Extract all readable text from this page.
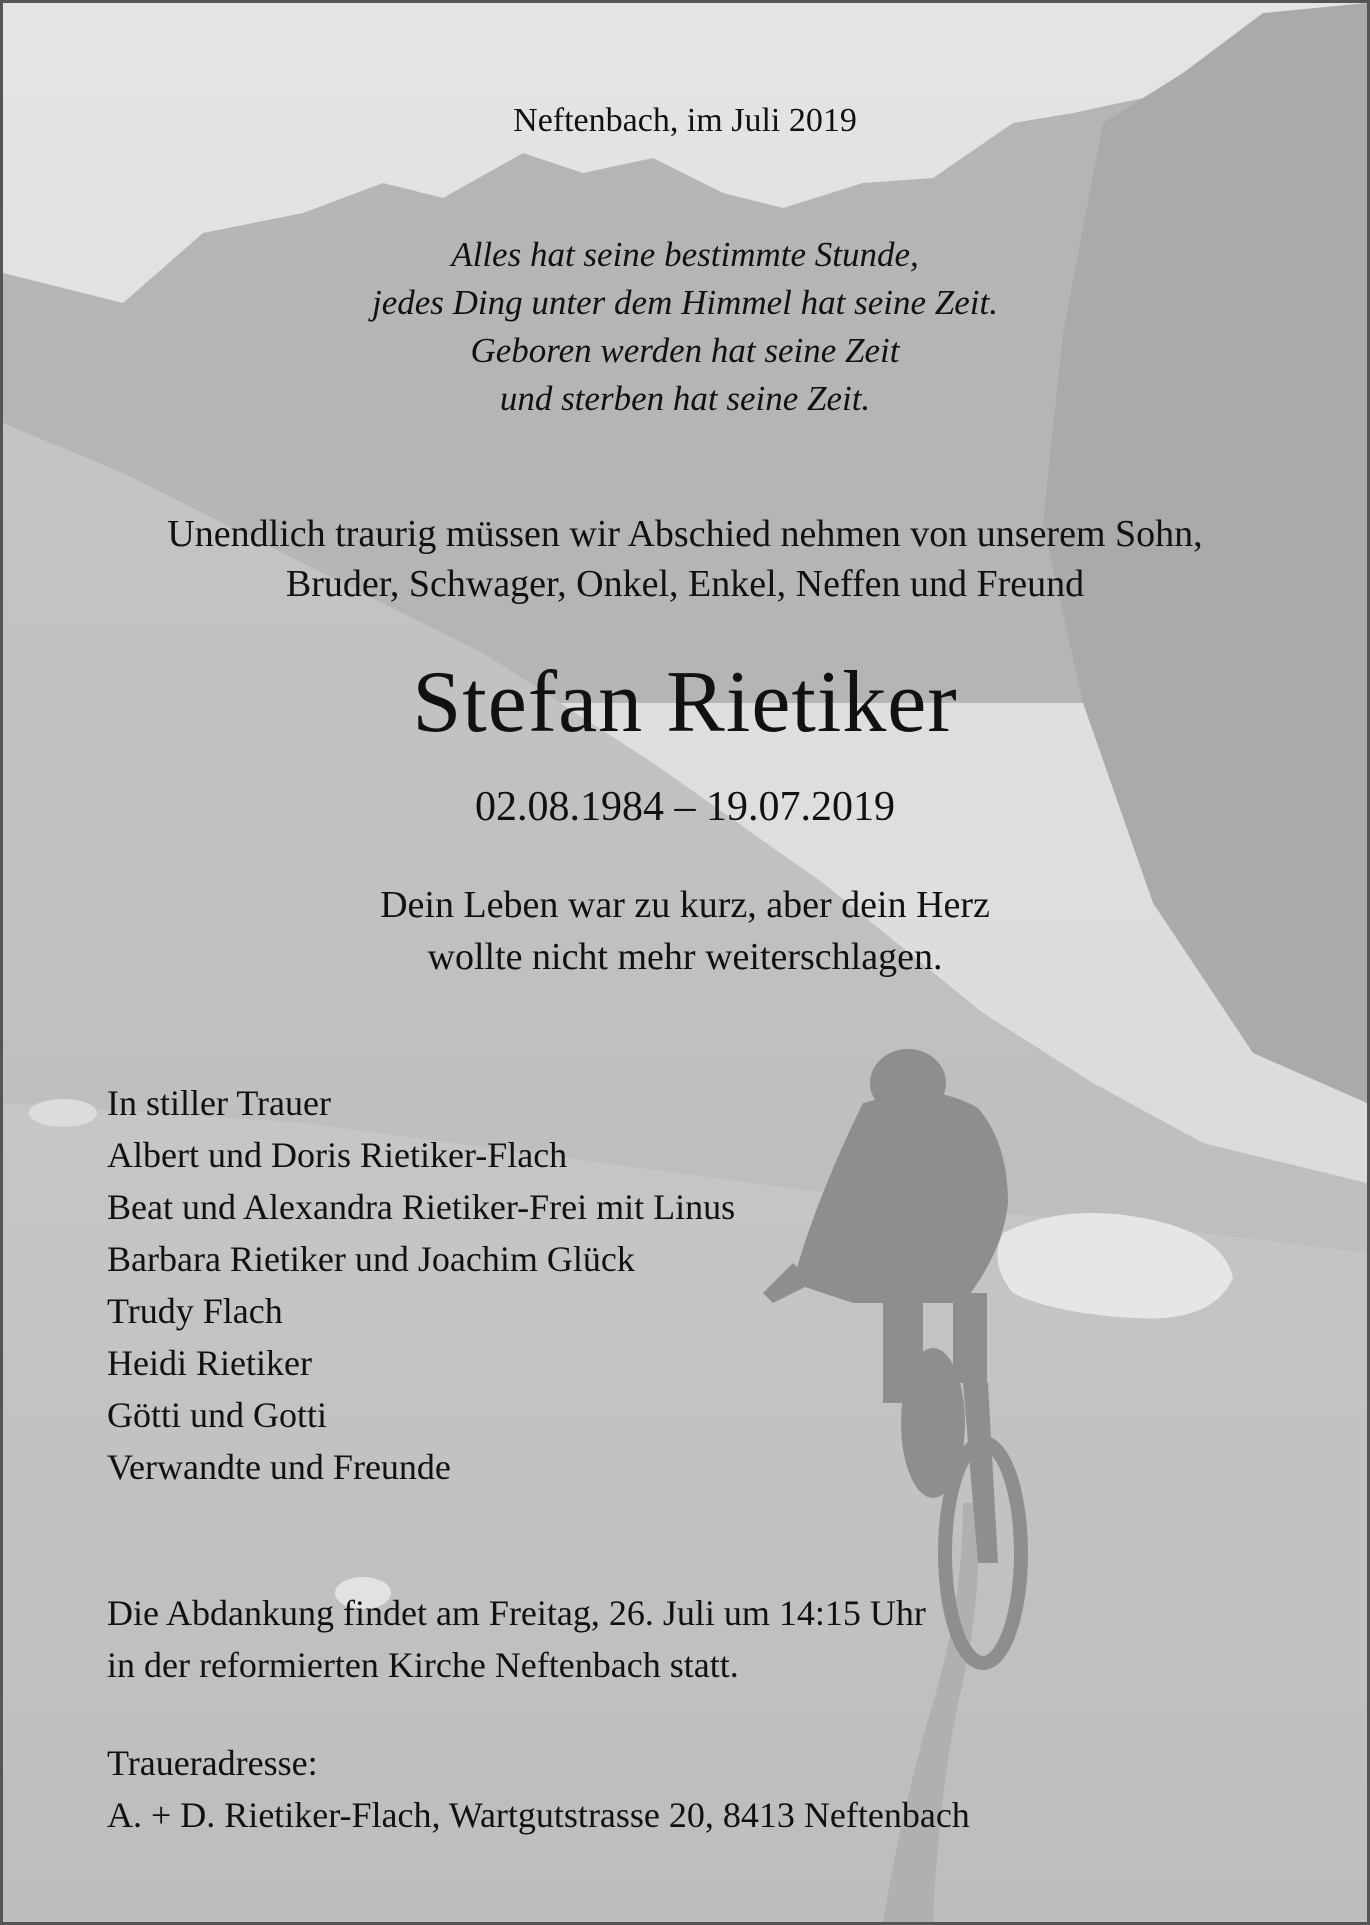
Neftenbach, im Juli 2019
Alles hat seine bestimmte Stunde,
jedes Ding unter dem Himmel hat seine Zeit.
Geboren werden hat seine Zeit
und sterben hat seine Zeit.
Unendlich traurig müssen wir Abschied nehmen von unserem Sohn,
Bruder, Schwager, Onkel, Enkel, Neffen und Freund
Stefan Rietiker
02.08.1984 – 19.07.2019
Dein Leben war zu kurz, aber dein Herz
wollte nicht mehr weiterschlagen.
In stiller Trauer
Albert und Doris Rietiker-Flach
Beat und Alexandra Rietiker-Frei mit Linus
Barbara Rietiker und Joachim Glück
Trudy Flach
Heidi Rietiker
Götti und Gotti
Verwandte und Freunde
Die Abdankung findet am Freitag, 26. Juli um 14:15 Uhr
in der reformierten Kirche Neftenbach statt.
Traueradresse:
A. + D. Rietiker-Flach, Wartgutstrasse 20, 8413 Neftenbach
